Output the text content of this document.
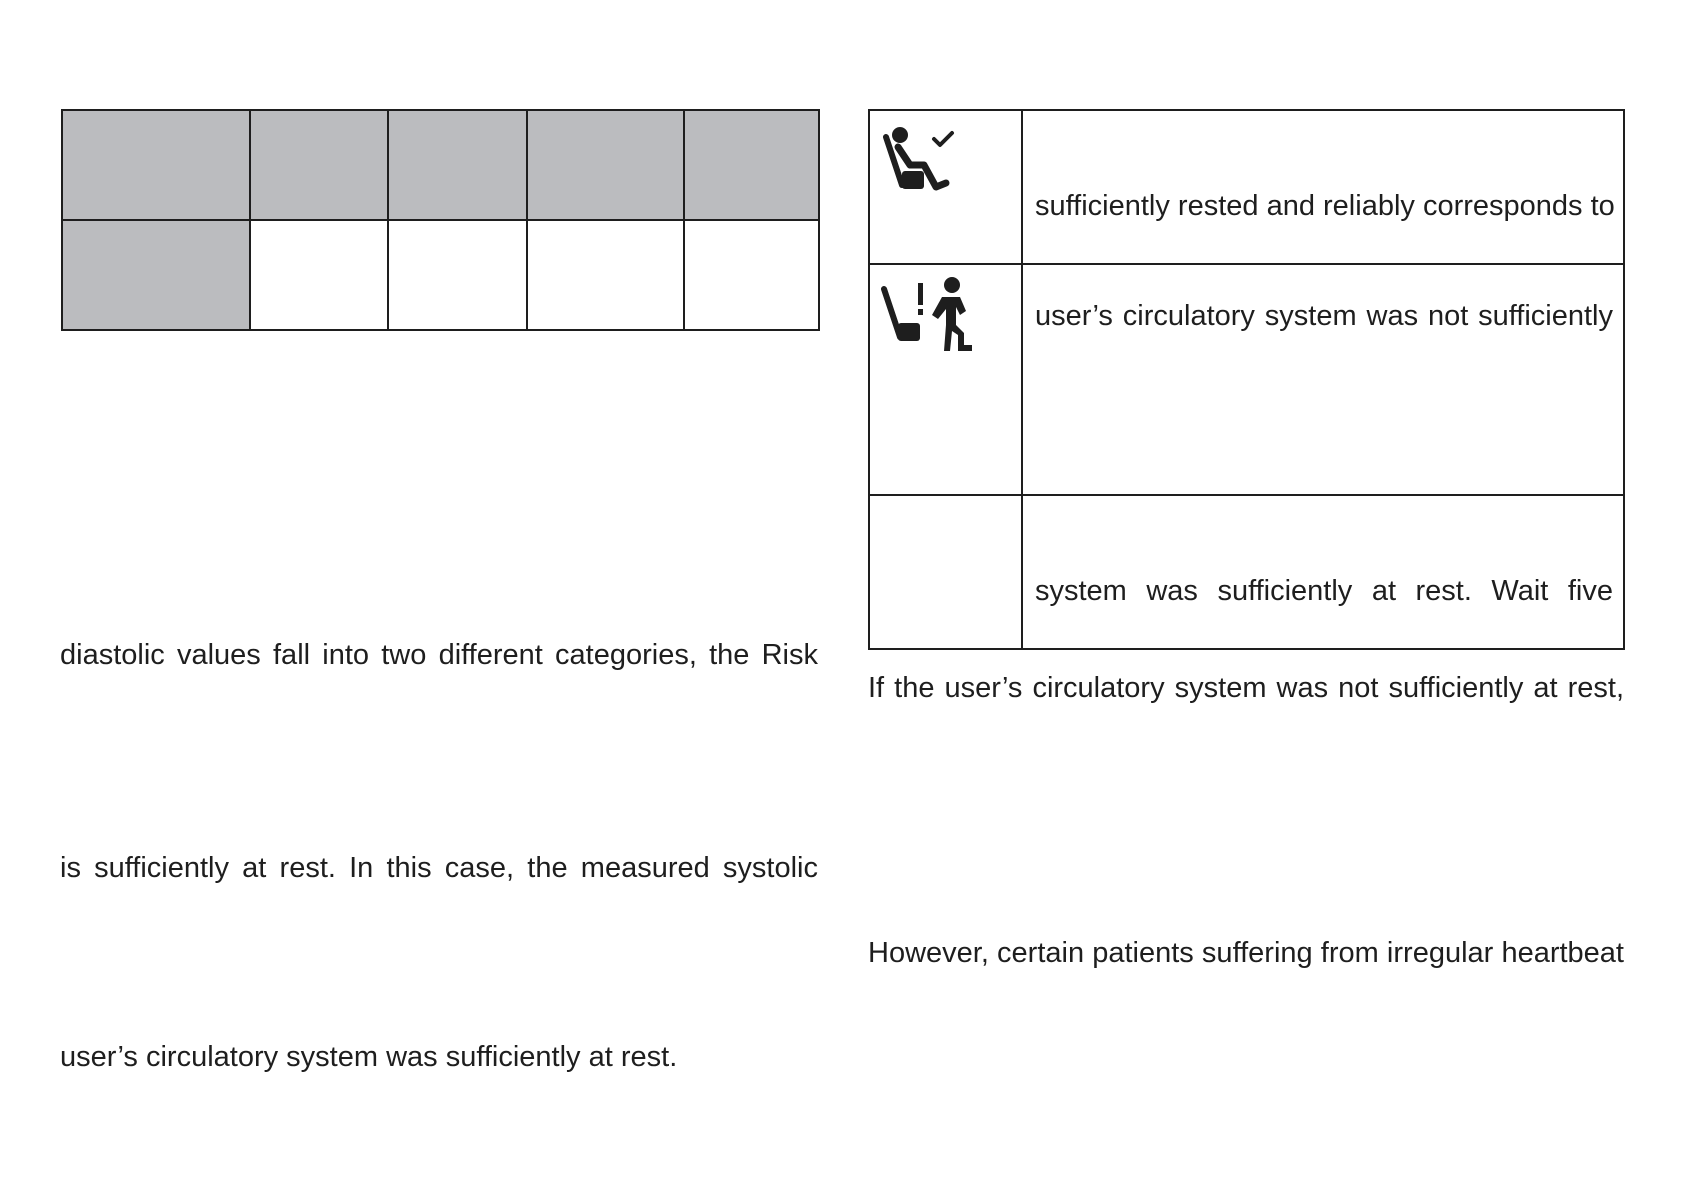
sufficiently rested and reliably corresponds to

user’s circulatory system was not sufficiently

	system was sufficiently at rest. Wait five
diastolic values fall into two different categories, the Risk
is sufficiently at rest. In this case, the measured systolic
user’s circulatory system was sufficiently at rest.
If the user’s circulatory system was not sufficiently at rest,
However, certain patients suffering from irregular heartbeat
